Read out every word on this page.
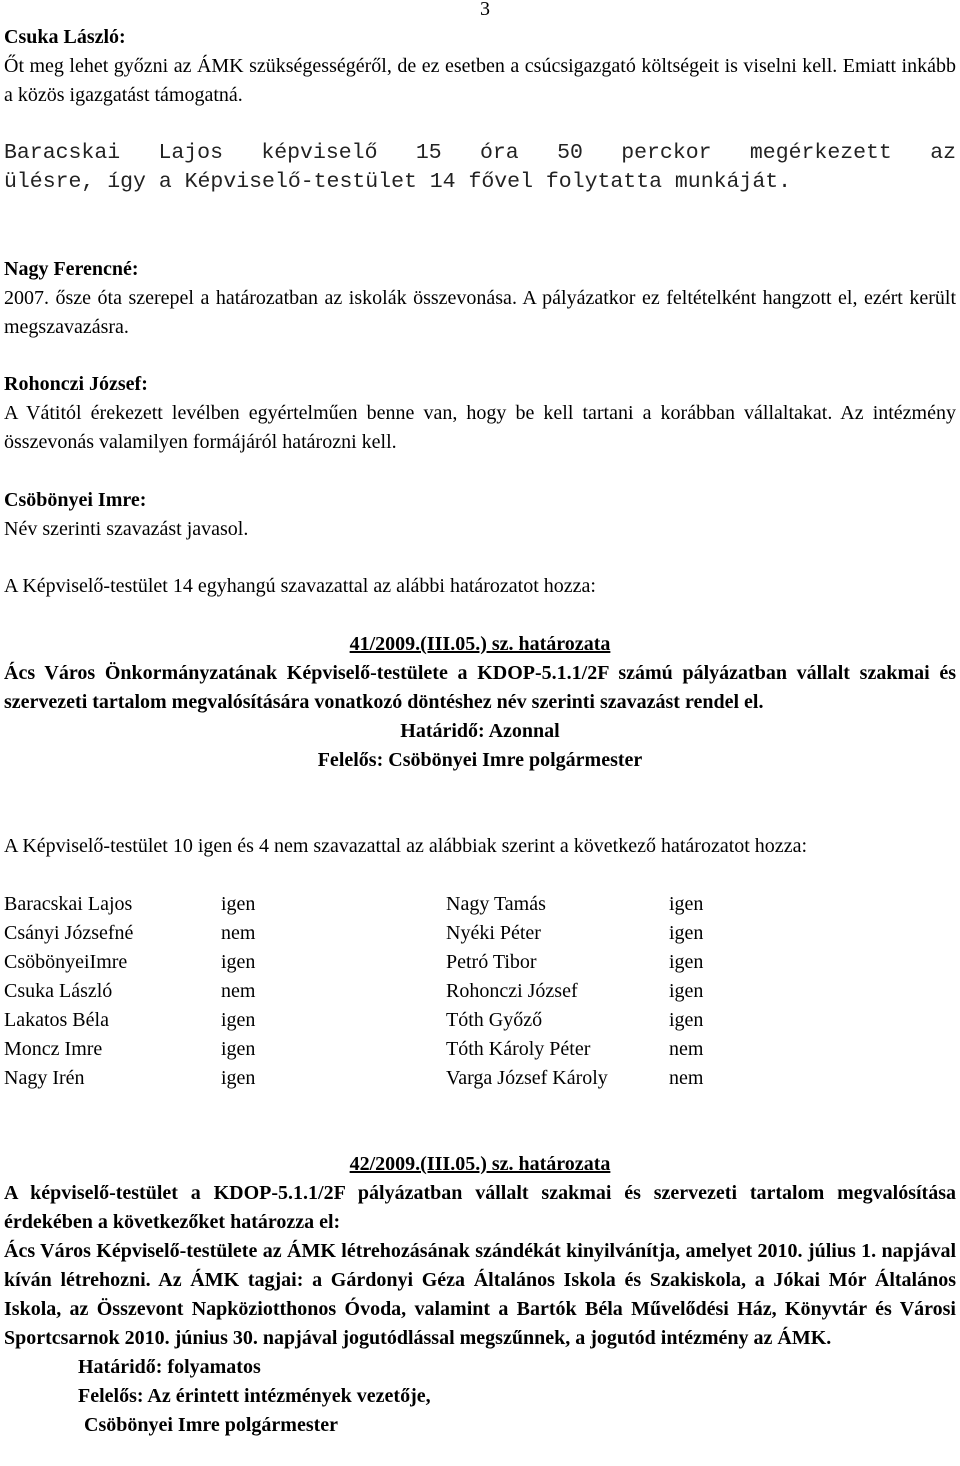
3

Csuka László:

Őt meg lehet győzni az ÁMK szükségességéről, de ez esetben a csúcsigazgató költségeit is viselni kell. Emiatt inkább a közös igazgatást támogatná.

Baracskai Lajos képviselő 15 óra 50 perckor megérkezett az

ülésre, így a Képviselő-testület 14 fővel folytatta munkáját.

Nagy Ferencné:

2007. ősze óta szerepel a határozatban az iskolák összevonása. A pályázatkor ez feltételként hangzott el, ezért került megszavazásra.

Rohonczi József:

A Vátitól érekezett levélben egyértelműen benne van, hogy be kell tartani a korábban vállaltakat. Az intézmény összevonás valamilyen formájáról határozni kell.

Csöbönyei Imre:

Név szerinti szavazást javasol.

A Képviselő-testület 14 egyhangú szavazattal az alábbi határozatot hozza:

41/2009.(III.05.) sz. határozata

Ács Város Önkormányzatának Képviselő-testülete a KDOP-5.1.1/2F számú pályázatban vállalt szakmai és szervezeti tartalom megvalósítására vonatkozó döntéshez név szerinti szavazást rendel el.

Határidő: Azonnal

Felelős: Csöbönyei Imre polgármester

A Képviselő-testület 10 igen és 4 nem szavazattal az alábbiak szerint a következő határozatot hozza:

Baracskai Lajos	igen	Nagy Tamás	igen
Csányi Józsefné	nem	Nyéki Péter	igen
CsöbönyeiImre	igen	Petró Tibor	igen
Csuka László	nem	Rohonczi József	igen
Lakatos Béla	igen	Tóth Győző	igen
Moncz Imre	igen	Tóth Károly Péter	nem
Nagy Irén	igen	Varga József Károly	nem

42/2009.(III.05.) sz. határozata

A képviselő-testület a KDOP-5.1.1/2F pályázatban vállalt szakmai és szervezeti tartalom megvalósítása érdekében a következőket határozza el:

Ács Város Képviselő-testülete az ÁMK létrehozásának szándékát kinyilvánítja, amelyet 2010. július 1. napjával kíván létrehozni. Az ÁMK tagjai: a Gárdonyi Géza Általános Iskola és Szakiskola, a Jókai Mór Általános Iskola, az Összevont Napköziotthonos Óvoda, valamint a Bartók Béla Művelődési Ház, Könyvtár és Városi Sportcsarnok 2010. június 30. napjával jogutódlással megszűnnek, a jogutód intézmény az ÁMK.

Határidő: folyamatos

Felelős: Az érintett intézmények vezetője,

Csöbönyei Imre polgármester
